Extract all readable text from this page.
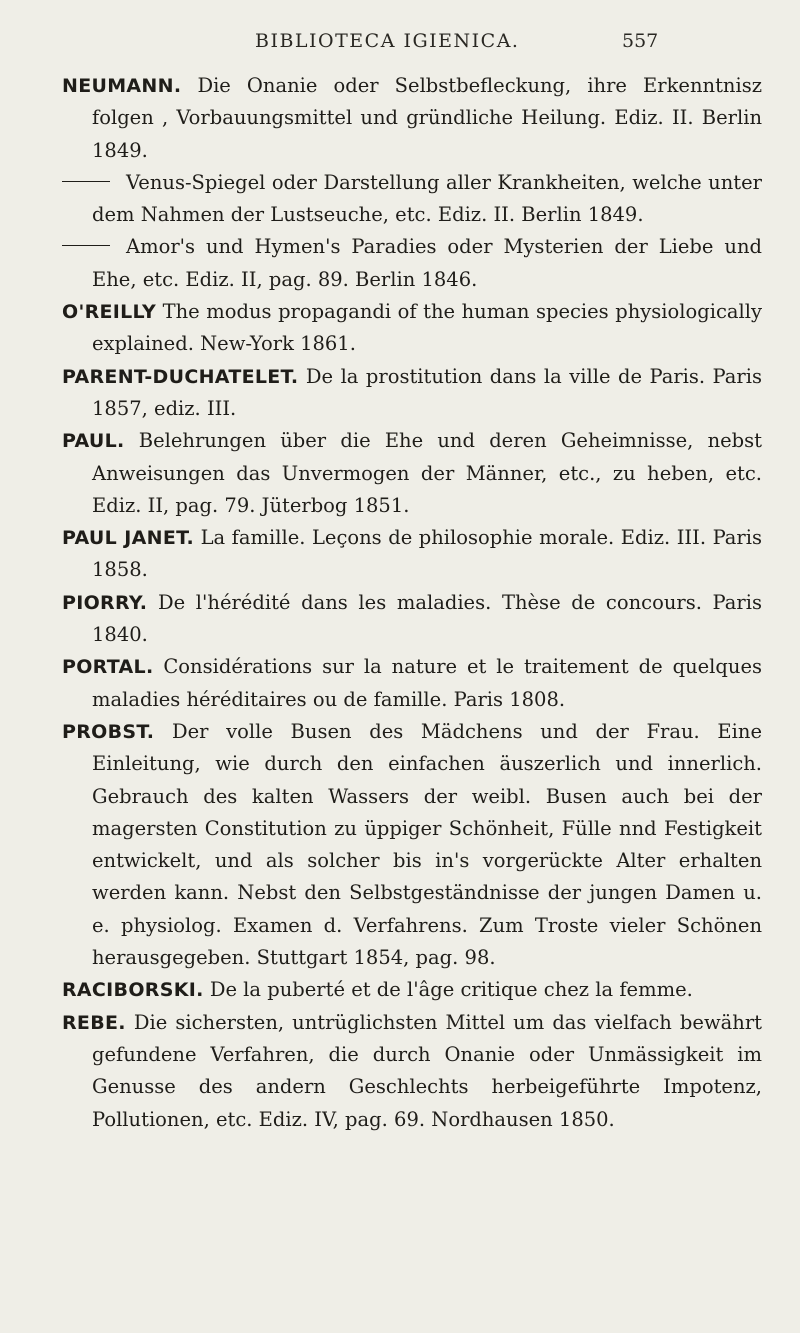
BIBLIOTECA IGIENICA.	557

NEUMANN. Die Onanie oder Selbstbefleckung, ihre Erkenntnisz folgen , Vorbauungsmittel und gründliche Heilung. Ediz. II. Berlin 1849.

Venus-Spiegel oder Darstellung aller Krankheiten, welche unter dem Nahmen der Lustseuche, etc. Ediz. II. Berlin 1849.

Amor's und Hymen's Paradies oder Mysterien der Liebe und Ehe, etc. Ediz. II, pag. 89. Berlin 1846.

O'REILLY The modus propagandi of the human species physiologically explained. New-York 1861.

PARENT-DUCHATELET. De la prostitution dans la ville de Paris. Paris 1857, ediz. III.

PAUL. Belehrungen über die Ehe und deren Geheimnisse, nebst Anweisungen das Unvermogen der Männer, etc., zu heben, etc. Ediz. II, pag. 79. Jüterbog 1851.

PAUL JANET. La famille. Leçons de philosophie morale. Ediz. III. Paris 1858.

PIORRY. De l'hérédité dans les maladies. Thèse de concours. Paris 1840.

PORTAL. Considérations sur la nature et le traitement de quelques maladies héréditaires ou de famille. Paris 1808.

PROBST. Der volle Busen des Mädchens und der Frau. Eine Einleitung, wie durch den einfachen äuszerlich und innerlich. Gebrauch des kalten Wassers der weibl. Busen auch bei der magersten Constitution zu üppiger Schönheit, Fülle nnd Festigkeit entwickelt, und als solcher bis in's vorgerückte Alter erhalten werden kann. Nebst den Selbstgeständnisse der jungen Damen u. e. physiolog. Examen d. Verfahrens. Zum Troste vieler Schönen herausgegeben. Stuttgart 1854, pag. 98.

RACIBORSKI. De la puberté et de l'âge critique chez la femme.

REBE. Die sichersten, untrüglichsten Mittel um das vielfach bewährt gefundene Verfahren, die durch Onanie oder Unmässigkeit im Genusse des andern Geschlechts herbeigeführte Impotenz, Pollutionen, etc. Ediz. IV, pag. 69. Nordhausen 1850.
